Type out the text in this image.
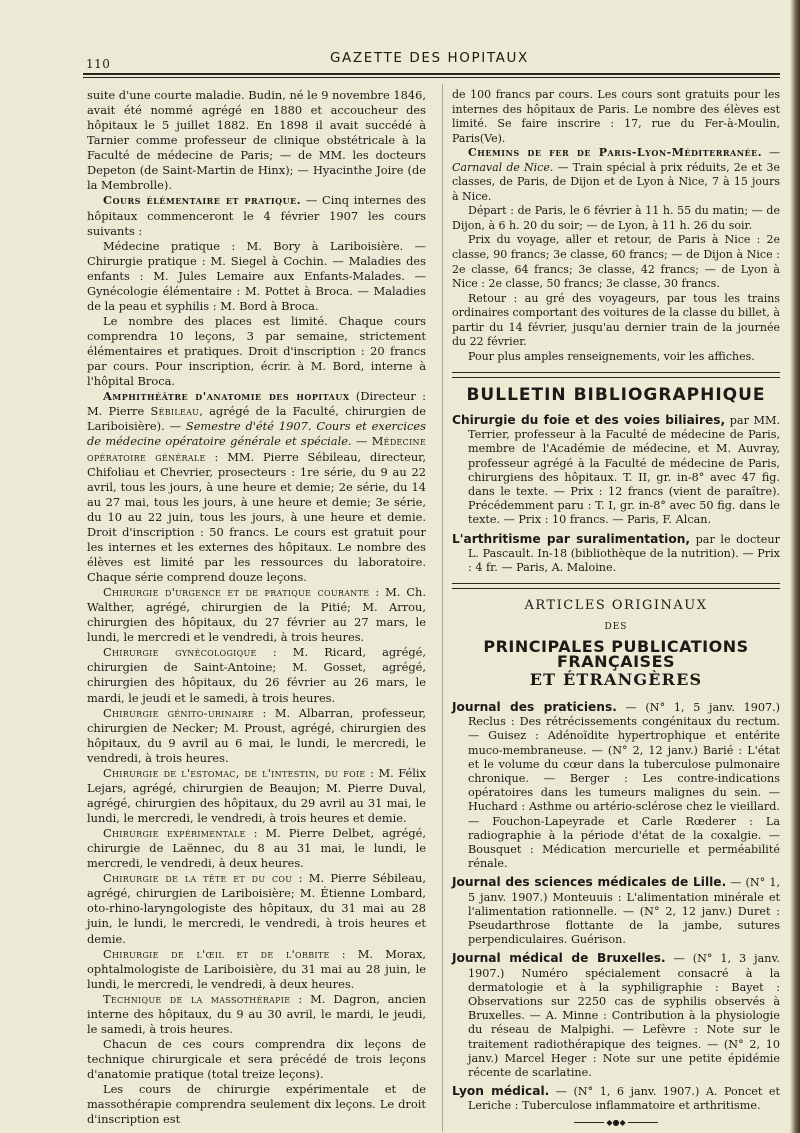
110	GAZETTE DES HOPITAUX

suite d'une courte maladie. Budin, né le 9 novembre 1846, avait été nommé agrégé en 1880 et accoucheur des hôpitaux le 5 juillet 1882. En 1898 il avait succédé à Tarnier comme professeur de clinique obstétricale à la Faculté de médecine de Paris; — de MM. les docteurs Depeton (de Saint-Martin de Hinx); — Hyacinthe Joire (de la Membrolle).

Cours élémentaire et pratique. — Cinq internes des hôpitaux commenceront le 4 février 1907 les cours suivants :

Médecine pratique : M. Bory à Lariboisière. — Chirurgie pratique : M. Siegel à Cochin. — Maladies des enfants : M. Jules Lemaire aux Enfants-Malades. — Gynécologie élémentaire : M. Pottet à Broca. — Maladies de la peau et syphilis : M. Bord à Broca.

Le nombre des places est limité. Chaque cours comprendra 10 leçons, 3 par semaine, strictement élémentaires et pratiques. Droit d'inscription : 20 francs par cours. Pour inscription, écrir. à M. Bord, interne à l'hôpital Broca.

Amphithéâtre d'anatomie des hopitaux (Directeur : M. Pierre Sébileau, agrégé de la Faculté, chirurgien de Lariboisière). — Semestre d'été 1907. Cours et exercices de médecine opératoire générale et spéciale. — Médecine opératoire générale : MM. Pierre Sébileau, directeur, Chifoliau et Chevrier, prosecteurs : 1re série, du 9 au 22 avril, tous les jours, à une heure et demie; 2e série, du 14 au 27 mai, tous les jours, à une heure et demie; 3e série, du 10 au 22 juin, tous les jours, à une heure et demie. Droit d'inscription : 50 francs. Le cours est gratuit pour les internes et les externes des hôpitaux. Le nombre des élèves est limité par les ressources du laboratoire. Chaque série comprend douze leçons.

Chirurgie d'urgence et de pratique courante : M. Ch. Walther, agrégé, chirurgien de la Pitié; M. Arrou, chirurgien des hôpitaux, du 27 février au 27 mars, le lundi, le mercredi et le vendredi, à trois heures.

Chirurgie gynécologique : M. Ricard, agrégé, chirurgien de Saint-Antoine; M. Gosset, agrégé, chirurgien des hôpitaux, du 26 février au 26 mars, le mardi, le jeudi et le samedi, à trois heures.

Chirurgie génito-urinaire : M. Albarran, professeur, chirurgien de Necker; M. Proust, agrégé, chirurgien des hôpitaux, du 9 avril au 6 mai, le lundi, le mercredi, le vendredi, à trois heures.

Chirurgie de l'estomac, de l'intestin, du foie : M. Félix Lejars, agrégé, chirurgien de Beaujon; M. Pierre Duval, agrégé, chirurgien des hôpitaux, du 29 avril au 31 mai, le lundi, le mercredi, le vendredi, à trois heures et demie.

Chirurgie expérimentale : M. Pierre Delbet, agrégé, chirurgie de Laënnec, du 8 au 31 mai, le lundi, le mercredi, le vendredi, à deux heures.

Chirurgie de la tête et du cou : M. Pierre Sébileau, agrégé, chirurgien de Lariboisière; M. Étienne Lombard, oto-rhino-laryngologiste des hôpitaux, du 31 mai au 28 juin, le lundi, le mercredi, le vendredi, à trois heures et demie.

Chirurgie de l'œil et de l'orbite : M. Morax, ophtalmologiste de Lariboisière, du 31 mai au 28 juin, le lundi, le mercredi, le vendredi, à deux heures.

Technique de la massothérapie : M. Dagron, ancien interne des hôpitaux, du 9 au 30 avril, le mardi, le jeudi, le samedi, à trois heures.

Chacun de ces cours comprendra dix leçons de technique chirurgicale et sera précédé de trois leçons d'anatomie pratique (total treize leçons).

Les cours de chirurgie expérimentale et de massothérapie comprendra seulement dix leçons. Le droit d'inscription est

de 100 francs par cours. Les cours sont gratuits pour les internes des hôpitaux de Paris. Le nombre des élèves est limité. Se faire inscrire : 17, rue du Fer-à-Moulin, Paris(Ve).

Chemins de fer de Paris-Lyon-Méditerranée. — Carnaval de Nice. — Train spécial à prix réduits, 2e et 3e classes, de Paris, de Dijon et de Lyon à Nice, 7 à 15 jours à Nice.

Départ : de Paris, le 6 février à 11 h. 55 du matin; — de Dijon, à 6 h. 20 du soir; — de Lyon, à 11 h. 26 du soir.

Prix du voyage, aller et retour, de Paris à Nice : 2e classe, 90 francs; 3e classe, 60 francs; — de Dijon à Nice : 2e classe, 64 francs; 3e classe, 42 francs; — de Lyon à Nice : 2e classe, 50 francs; 3e classe, 30 francs.

Retour : au gré des voyageurs, par tous les trains ordinaires comportant des voitures de la classe du billet, à partir du 14 février, jusqu'au dernier train de la journée du 22 février.

Pour plus amples renseignements, voir les affiches.

BULLETIN BIBLIOGRAPHIQUE

Chirurgie du foie et des voies biliaires, par MM. Terrier, professeur à la Faculté de médecine de Paris, membre de l'Académie de médecine, et M. Auvray, professeur agrégé à la Faculté de médecine de Paris, chirurgiens des hôpitaux. T. II, gr. in-8° avec 47 fig. dans le texte. — Prix : 12 francs (vient de paraître). Précédemment paru : T. I, gr. in-8° avec 50 fig. dans le texte. — Prix : 10 francs. — Paris, F. Alcan.

L'arthritisme par suralimentation, par le docteur L. Pascault. In-18 (bibliothèque de la nutrition). — Prix : 4 fr. — Paris, A. Maloine.

ARTICLES ORIGINAUX
DES
PRINCIPALES PUBLICATIONS FRANÇAISES
ET ÉTRANGÈRES

Journal des praticiens. — (N° 1, 5 janv. 1907.) Reclus : Des rétrécissements congénitaux du rectum. — Guisez : Adénoïdite hypertrophique et entérite muco-membraneuse. — (N° 2, 12 janv.) Barié : L'état et le volume du cœur dans la tuberculose pulmonaire chronique. — Berger : Les contre-indications opératoires dans les tumeurs malignes du sein. — Huchard : Asthme ou artério-sclérose chez le vieillard. — Fouchon-Lapeyrade et Carle Rœderer : La radiographie à la période d'état de la coxalgie. — Bousquet : Médication mercurielle et perméabilité rénale.

Journal des sciences médicales de Lille. — (N° 1, 5 janv. 1907.) Monteuuis : L'alimentation minérale et l'alimentation rationnelle. — (N° 2, 12 janv.) Duret : Pseudarthrose flottante de la jambe, sutures perpendiculaires. Guérison.

Journal médical de Bruxelles. — (N° 1, 3 janv. 1907.) Numéro spécialement consacré à la dermatologie et à la syphiligraphie : Bayet : Observations sur 2250 cas de syphilis observés à Bruxelles. — A. Minne : Contribution à la physiologie du réseau de Malpighi. — Lefèvre : Note sur le traitement radiothérapique des teignes. — (N° 2, 10 janv.) Marcel Heger : Note sur une petite épidémie récente de scarlatine.

Lyon médical. — (N° 1, 6 janv. 1907.) A. Poncet et Leriche : Tuberculose inflammatoire et arthritisme.

◆●◆
